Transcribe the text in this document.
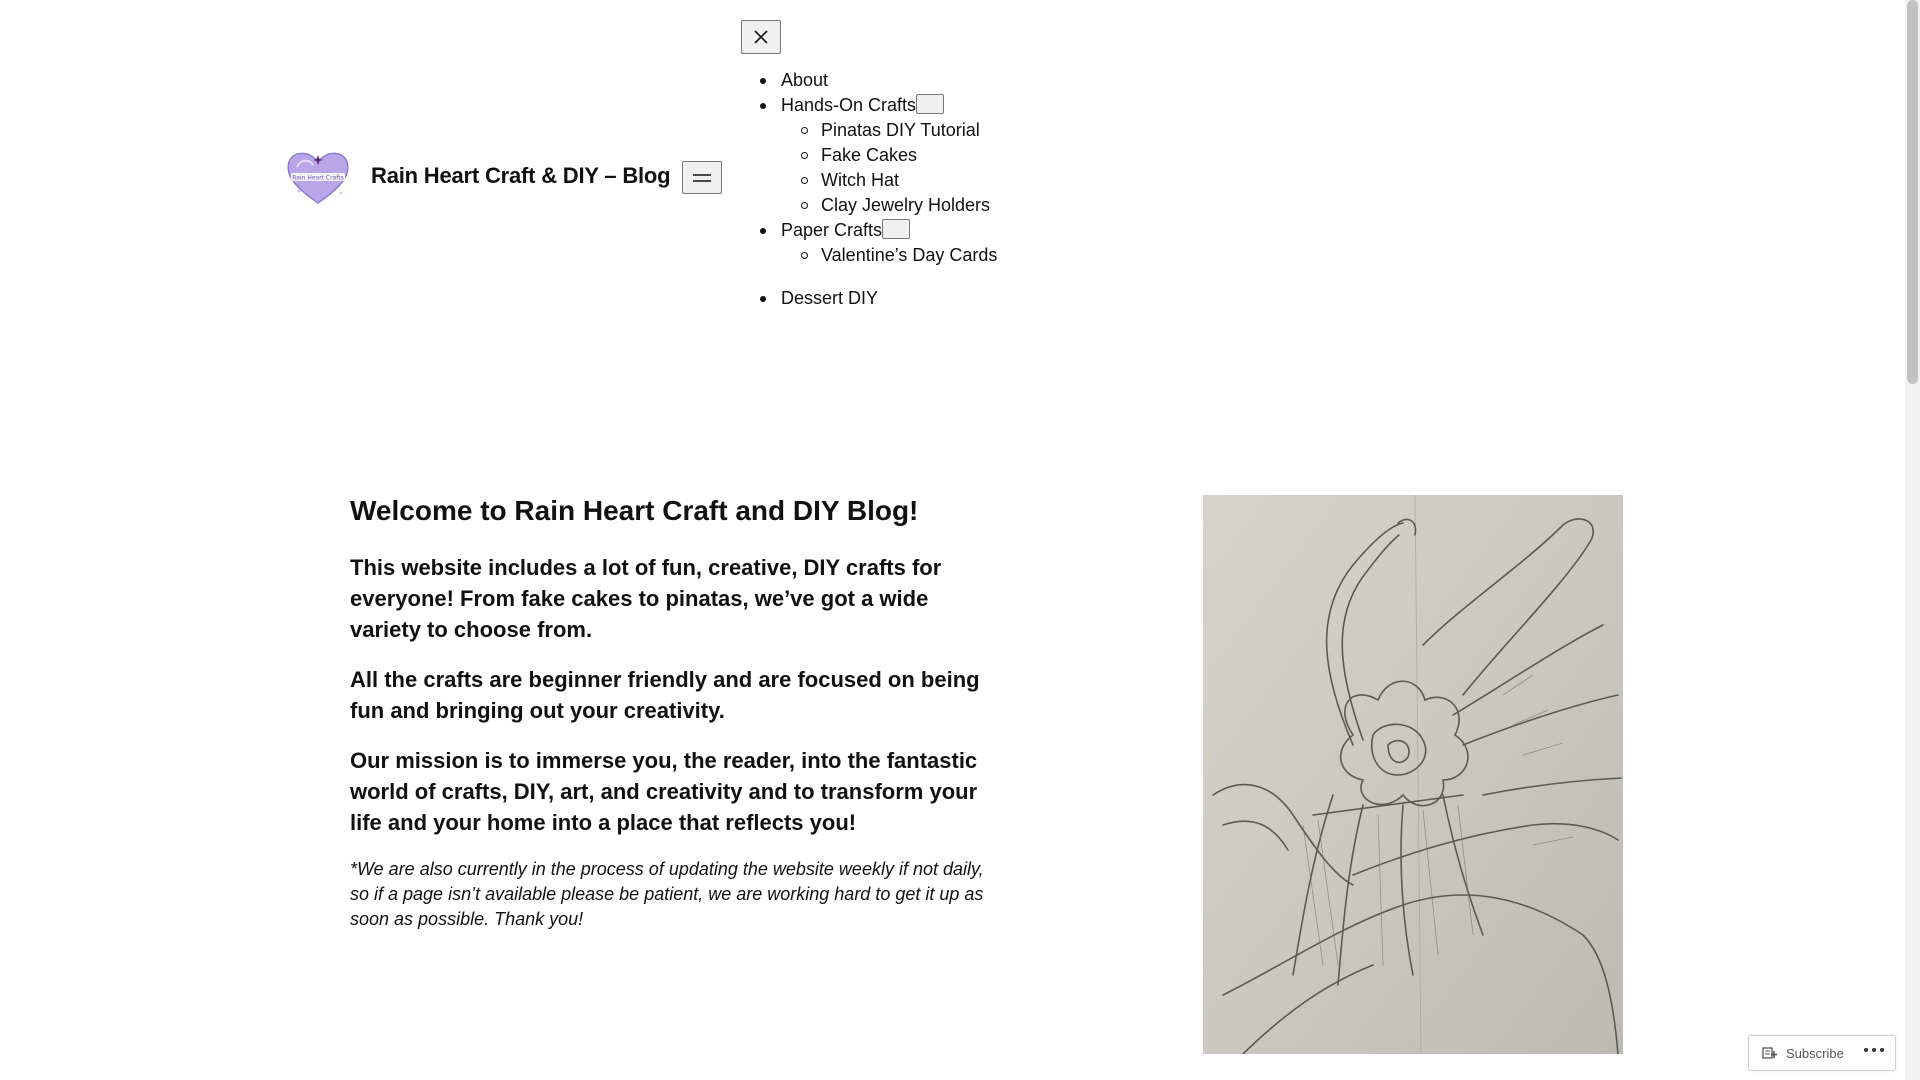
Rain Heart Crafts Rain Heart Craft & DIY – Blog
About
Hands-On Crafts
Pinatas DIY Tutorial
Fake Cakes
Witch Hat
Clay Jewelry Holders
Paper Crafts
Valentine’s Day Cards
Dessert DIY
Welcome to Rain Heart Craft and DIY Blog!

This website includes a lot of fun, creative, DIY crafts for everyone! From fake cakes to pinatas, we’ve got a wide variety to choose from.

All the crafts are beginner friendly and are focused on being fun and bringing out your creativity.

Our mission is to immerse you, the reader, into the fantastic world of crafts, DIY, art, and creativity and to transform your life and your home into a place that reflects you!

*We are also currently in the process of updating the website weekly if not daily, so if a page isn’t available please be patient, we are working hard to get it up as soon as possible. Thank you!

Subscribe
